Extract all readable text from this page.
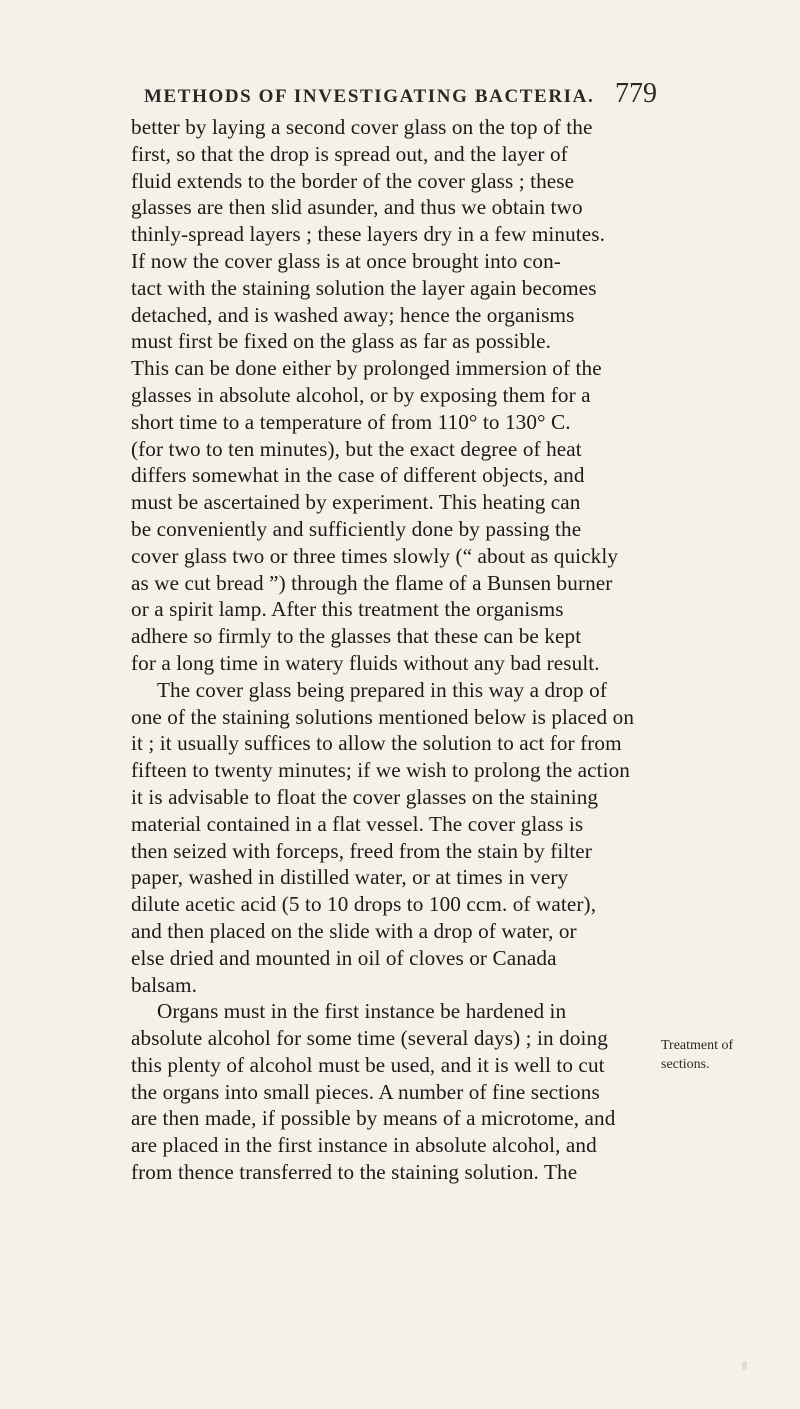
METHODS OF INVESTIGATING BACTERIA. 779
better by laying a second cover glass on the top of the
first, so that the drop is spread out, and the layer of
fluid extends to the border of the cover glass ; these
glasses are then slid asunder, and thus we obtain two
thinly-spread layers ; these layers dry in a few minutes.
If now the cover glass is at once brought into con-
tact with the staining solution the layer again becomes
detached, and is washed away; hence the organisms
must first be fixed on the glass as far as possible.
This can be done either by prolonged immersion of the
glasses in absolute alcohol, or by exposing them for a
short time to a temperature of from 110° to 130° C.
(for two to ten minutes), but the exact degree of heat
differs somewhat in the case of different objects, and
must be ascertained by experiment. This heating can
be conveniently and sufficiently done by passing the
cover glass two or three times slowly (“ about as quickly
as we cut bread ”) through the flame of a Bunsen burner
or a spirit lamp. After this treatment the organisms
adhere so firmly to the glasses that these can be kept
for a long time in watery fluids without any bad result.
The cover glass being prepared in this way a drop of
one of the staining solutions mentioned below is placed on
it ; it usually suffices to allow the solution to act for from
fifteen to twenty minutes; if we wish to prolong the action
it is advisable to float the cover glasses on the staining
material contained in a flat vessel. The cover glass is
then seized with forceps, freed from the stain by filter
paper, washed in distilled water, or at times in very
dilute acetic acid (5 to 10 drops to 100 ccm. of water),
and then placed on the slide with a drop of water, or
else dried and mounted in oil of cloves or Canada
balsam.
Organs must in the first instance be hardened in
absolute alcohol for some time (several days) ; in doing
this plenty of alcohol must be used, and it is well to cut
the organs into small pieces. A number of fine sections
are then made, if possible by means of a microtome, and
are placed in the first instance in absolute alcohol, and
from thence transferred to the staining solution. The
Treatment of
sections.
